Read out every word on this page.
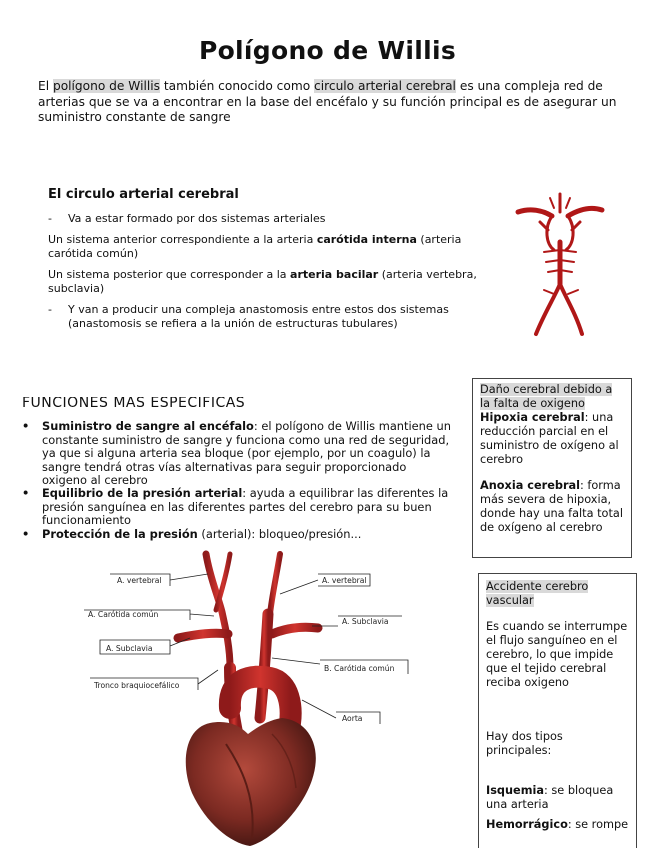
Polígono de Willis
El polígono de Willis también conocido como circulo arterial cerebral es una compleja red de arterias que se va a encontrar en la base del encéfalo y su función principal es de asegurar un suministro constante de sangre
El circulo arterial cerebral

-	Va a estar formado por dos sistemas arteriales

Un sistema anterior correspondiente a la arteria carótida interna (arteria carótida común)

Un sistema posterior que corresponder a la arteria bacilar (arteria vertebra, subclavia)

-	Y van a producir una compleja anastomosis entre estos dos sistemas (anastomosis se refiera a la unión de estructuras tubulares)

FUNCIONES MAS ESPECIFICAS
•	Suministro de sangre al encéfalo: el polígono de Willis mantiene un constante suministro de sangre y funciona como una red de seguridad, ya que si alguna arteria sea bloque (por ejemplo, por un coagulo) la sangre tendrá otras vías alternativas para seguir proporcionado oxigeno al cerebro
•	Equilibrio de la presión arterial: ayuda a equilibrar las diferentes la presión sanguínea en las diferentes partes del cerebro para su buen funcionamiento
•	Protección de la presión (arterial): bloqueo/presión...

Daño cerebral debido a la falta de oxigeno

Hipoxia cerebral: una reducción parcial en el suministro de oxígeno al cerebro

Anoxia cerebral: forma más severa de hipoxia, donde hay una falta total de oxígeno al cerebro

Accidente cerebro vascular

Es cuando se interrumpe el flujo sanguíneo en el cerebro, lo que impide que el tejido cerebral reciba oxigeno

Hay dos tipos principales:

Isquemia: se bloquea una arteria

Hemorrágico: se rompe

A. vertebral
A. Carótida común
A. Subclavia
Tronco braquiocefálico
A. vertebral
A. Subclavia
B. Carótida común
Aorta
